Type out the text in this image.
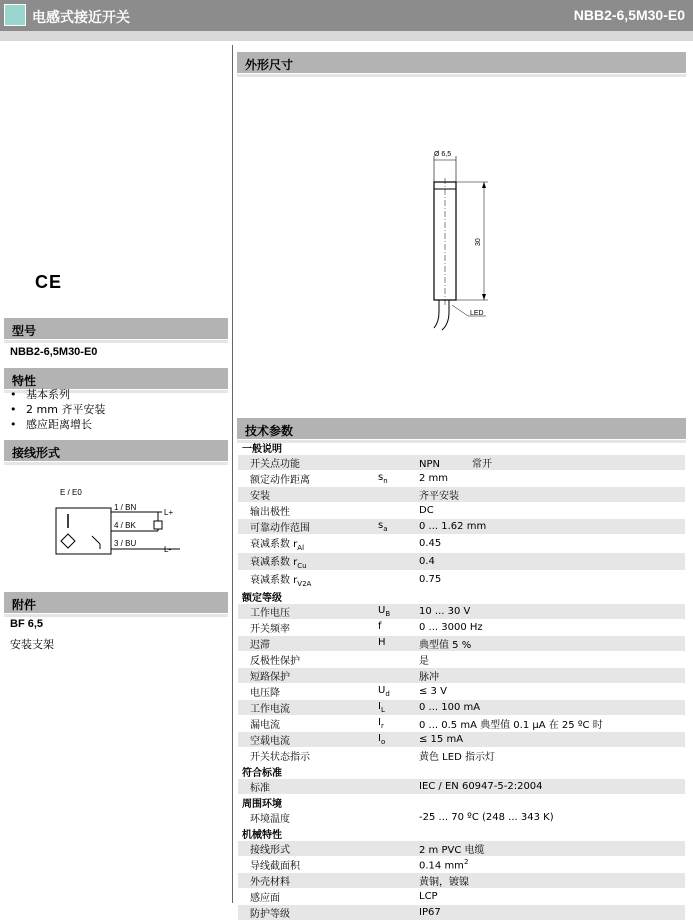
电感式接近开关	NBB2-6,5M30-E0
CE
型号
NBB2-6,5M30-E0
特性
• 基本系列
• 2 mm 齐平安装
• 感应距离增长
接线形式
E / E0
1 / BN
4 / BK
3 / BU
L+
L-
附件
BF 6,5
安装支架
外形尺寸
Ø 6,5
30
LED
技术参数
一般说明			
	开关点功能		NPN 常开
	额定动作距离	$s_n$	2 mm
	安装		齐平安装
	输出极性		DC
	可靠动作范围	$s_a$	0 ... 1.62 mm
	衰减系数 $r_{Al}$		0.45
	衰减系数 $r_{Cu}$		0.4
	衰减系数 $r_{V2A}$		0.75
额定等级			
	工作电压	$U_B$	10 ... 30 V
	开关频率	f	0 ... 3000 Hz
	迟滞	H	典型值 5 %
	反极性保护		是
	短路保护		脉冲
	电压降	$U_d$	≤ 3 V
	工作电流	$I_L$	0 ... 100 mA
	漏电流	$I_r$	0 ... 0.5 mA 典型值 0.1 μA 在 25 ºC 时
	空载电流	$I_o$	≤ 15 mA
	开关状态指示		黄色 LED 指示灯
符合标准			
	标准		IEC / EN 60947-5-2:2004
周围环境			
	环境温度		-25 ... 70 ºC (248 ... 343 K)
机械特性			
	接线形式		2 m PVC 电缆
	导线截面积		0.14 $mm^2$
	外壳材料		黄铜，镀镍
	感应面		LCP
	防护等级		IP67
